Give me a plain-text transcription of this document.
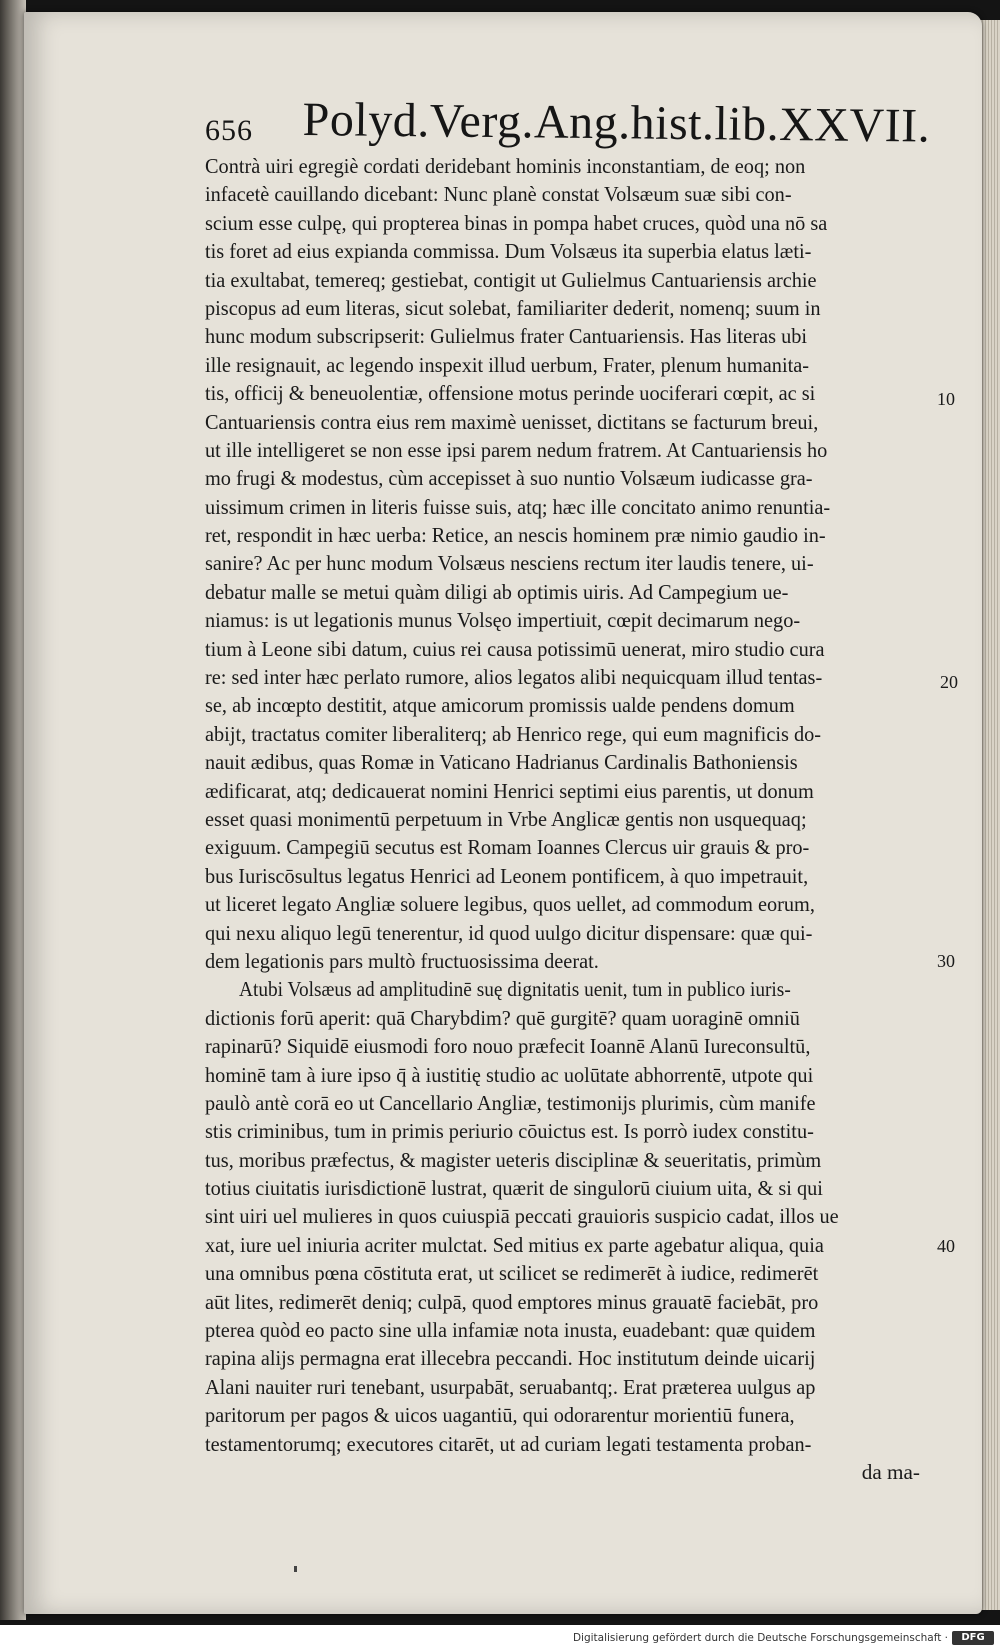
656 Polyd.Verg.Ang.hist.lib.XXVII.
Contrà uiri egregiè cordati deridebant hominis inconstantiam, de eoq; non
infacetè cauillando dicebant: Nunc planè constat Volsæum suæ sibi con-
scium esse culpę, qui propterea binas in pompa habet cruces, quòd una nō sa
tis foret ad eius expianda commissa. Dum Volsæus ita superbia elatus læti-
tia exultabat, temereq; gestiebat, contigit ut Gulielmus Cantuariensis archie
piscopus ad eum literas, sicut solebat, familiariter dederit, nomenq; suum in
hunc modum subscripserit: Gulielmus frater Cantuariensis. Has literas ubi
ille resignauit, ac legendo inspexit illud uerbum, Frater, plenum humanita-
tis, officij & beneuolentiæ, offensione motus perinde uociferari cœpit, ac si
Cantuariensis contra eius rem maximè uenisset, dictitans se facturum breui,
ut ille intelligeret se non esse ipsi parem nedum fratrem. At Cantuariensis ho
mo frugi & modestus, cùm accepisset à suo nuntio Volsæum iudicasse gra-
uissimum crimen in literis fuisse suis, atq; hæc ille concitato animo renuntia-
ret, respondit in hæc uerba: Retice, an nescis hominem præ nimio gaudio in-
sanire? Ac per hunc modum Volsæus nesciens rectum iter laudis tenere, ui-
debatur malle se metui quàm diligi ab optimis uiris. Ad Campegium ue-
niamus: is ut legationis munus Volsęo impertiuit, cœpit decimarum nego-
tium à Leone sibi datum, cuius rei causa potissimū uenerat, miro studio cura
re: sed inter hæc perlato rumore, alios legatos alibi nequicquam illud tentas-
se, ab incœpto destitit, atque amicorum promissis ualde pendens domum
abijt, tractatus comiter liberaliterq; ab Henrico rege, qui eum magnificis do-
nauit ædibus, quas Romæ in Vaticano Hadrianus Cardinalis Bathoniensis
ædificarat, atq; dedicauerat nomini Henrici septimi eius parentis, ut donum
esset quasi monimentū perpetuum in Vrbe Anglicæ gentis non usquequaq;
exiguum. Campegiū secutus est Romam Ioannes Clercus uir grauis & pro-
bus Iuriscōsultus legatus Henrici ad Leonem pontificem, à quo impetrauit,
ut liceret legato Angliæ soluere legibus, quos uellet, ad commodum eorum,
qui nexu aliquo legū tenerentur, id quod uulgo dicitur dispensare: quæ qui-
dem legationis pars multò fructuosissima deerat.
Atubi Volsæus ad amplitudinē suę dignitatis uenit, tum in publico iuris-
dictionis forū aperit: quā Charybdim? quē gurgitē? quam uoraginē omniū
rapinarū? Siquidē eiusmodi foro nouo præfecit Ioannē Alanū Iureconsultū,
hominē tam à iure ipso q̄ à iustitię studio ac uolūtate abhorrentē, utpote qui
paulò antè corā eo ut Cancellario Angliæ, testimonijs plurimis, cùm manife
stis criminibus, tum in primis periurio cōuictus est. Is porrò iudex constitu-
tus, moribus præfectus, & magister ueteris disciplinæ & seueritatis, primùm
totius ciuitatis iurisdictionē lustrat, quærit de singulorū ciuium uita, & si qui
sint uiri uel mulieres in quos cuiuspiā peccati grauioris suspicio cadat, illos ue
xat, iure uel iniuria acriter mulctat. Sed mitius ex parte agebatur aliqua, quia
una omnibus pœna cōstituta erat, ut scilicet se redimerēt à iudice, redimerēt
aūt lites, redimerēt deniq; culpā, quod emptores minus grauatē faciebāt, pro
pterea quòd eo pacto sine ulla infamiæ nota inusta, euadebant: quæ quidem
rapina alijs permagna erat illecebra peccandi. Hoc institutum deinde uicarij
Alani nauiter ruri tenebant, usurpabāt, seruabantq;. Erat præterea uulgus ap
paritorum per pagos & uicos uagantiū, qui odorarentur morientiū funera,
testamentorumq; executores citarēt, ut ad curiam legati testamenta proban-
da ma-
10
20
30
40
Digitalisierung gefördert durch die Deutsche Forschungsgemeinschaft ·	DFG
